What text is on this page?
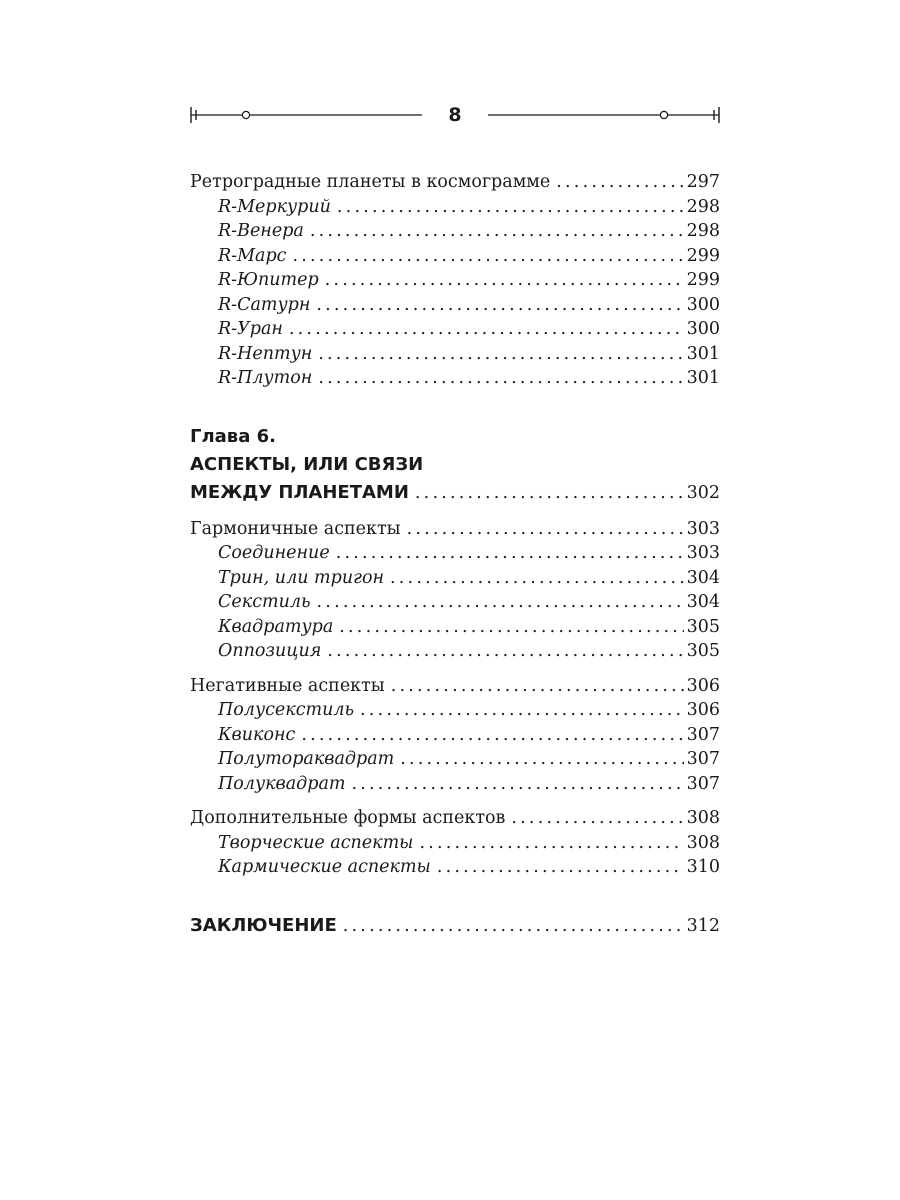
8
Ретроградные планеты в космограмме .....	297
R-Меркурий .....	298
R-Венера .....	298
R-Марс .....	299
R-Юпитер .....	299
R-Сатурн .....	300
R-Уран .....	300
R-Нептун .....	301
R-Плутон .....	301
Глава 6.
АСПЕКТЫ, ИЛИ СВЯЗИ
МЕЖДУ ПЛАНЕТАМИ .....	302
Гармоничные аспекты .....	303
Соединение .....	303
Трин, или тригон .....	304
Секстиль .....	304
Квадратура .....	305
Оппозиция .....	305
Негативные аспекты .....	306
Полусекстиль .....	306
Квиконс .....	307
Полутораквадрат .....	307
Полуквадрат .....	307
Дополнительные формы аспектов .....	308
Творческие аспекты .....	308
Кармические аспекты .....	310
ЗАКЛЮЧЕНИЕ .....	312
